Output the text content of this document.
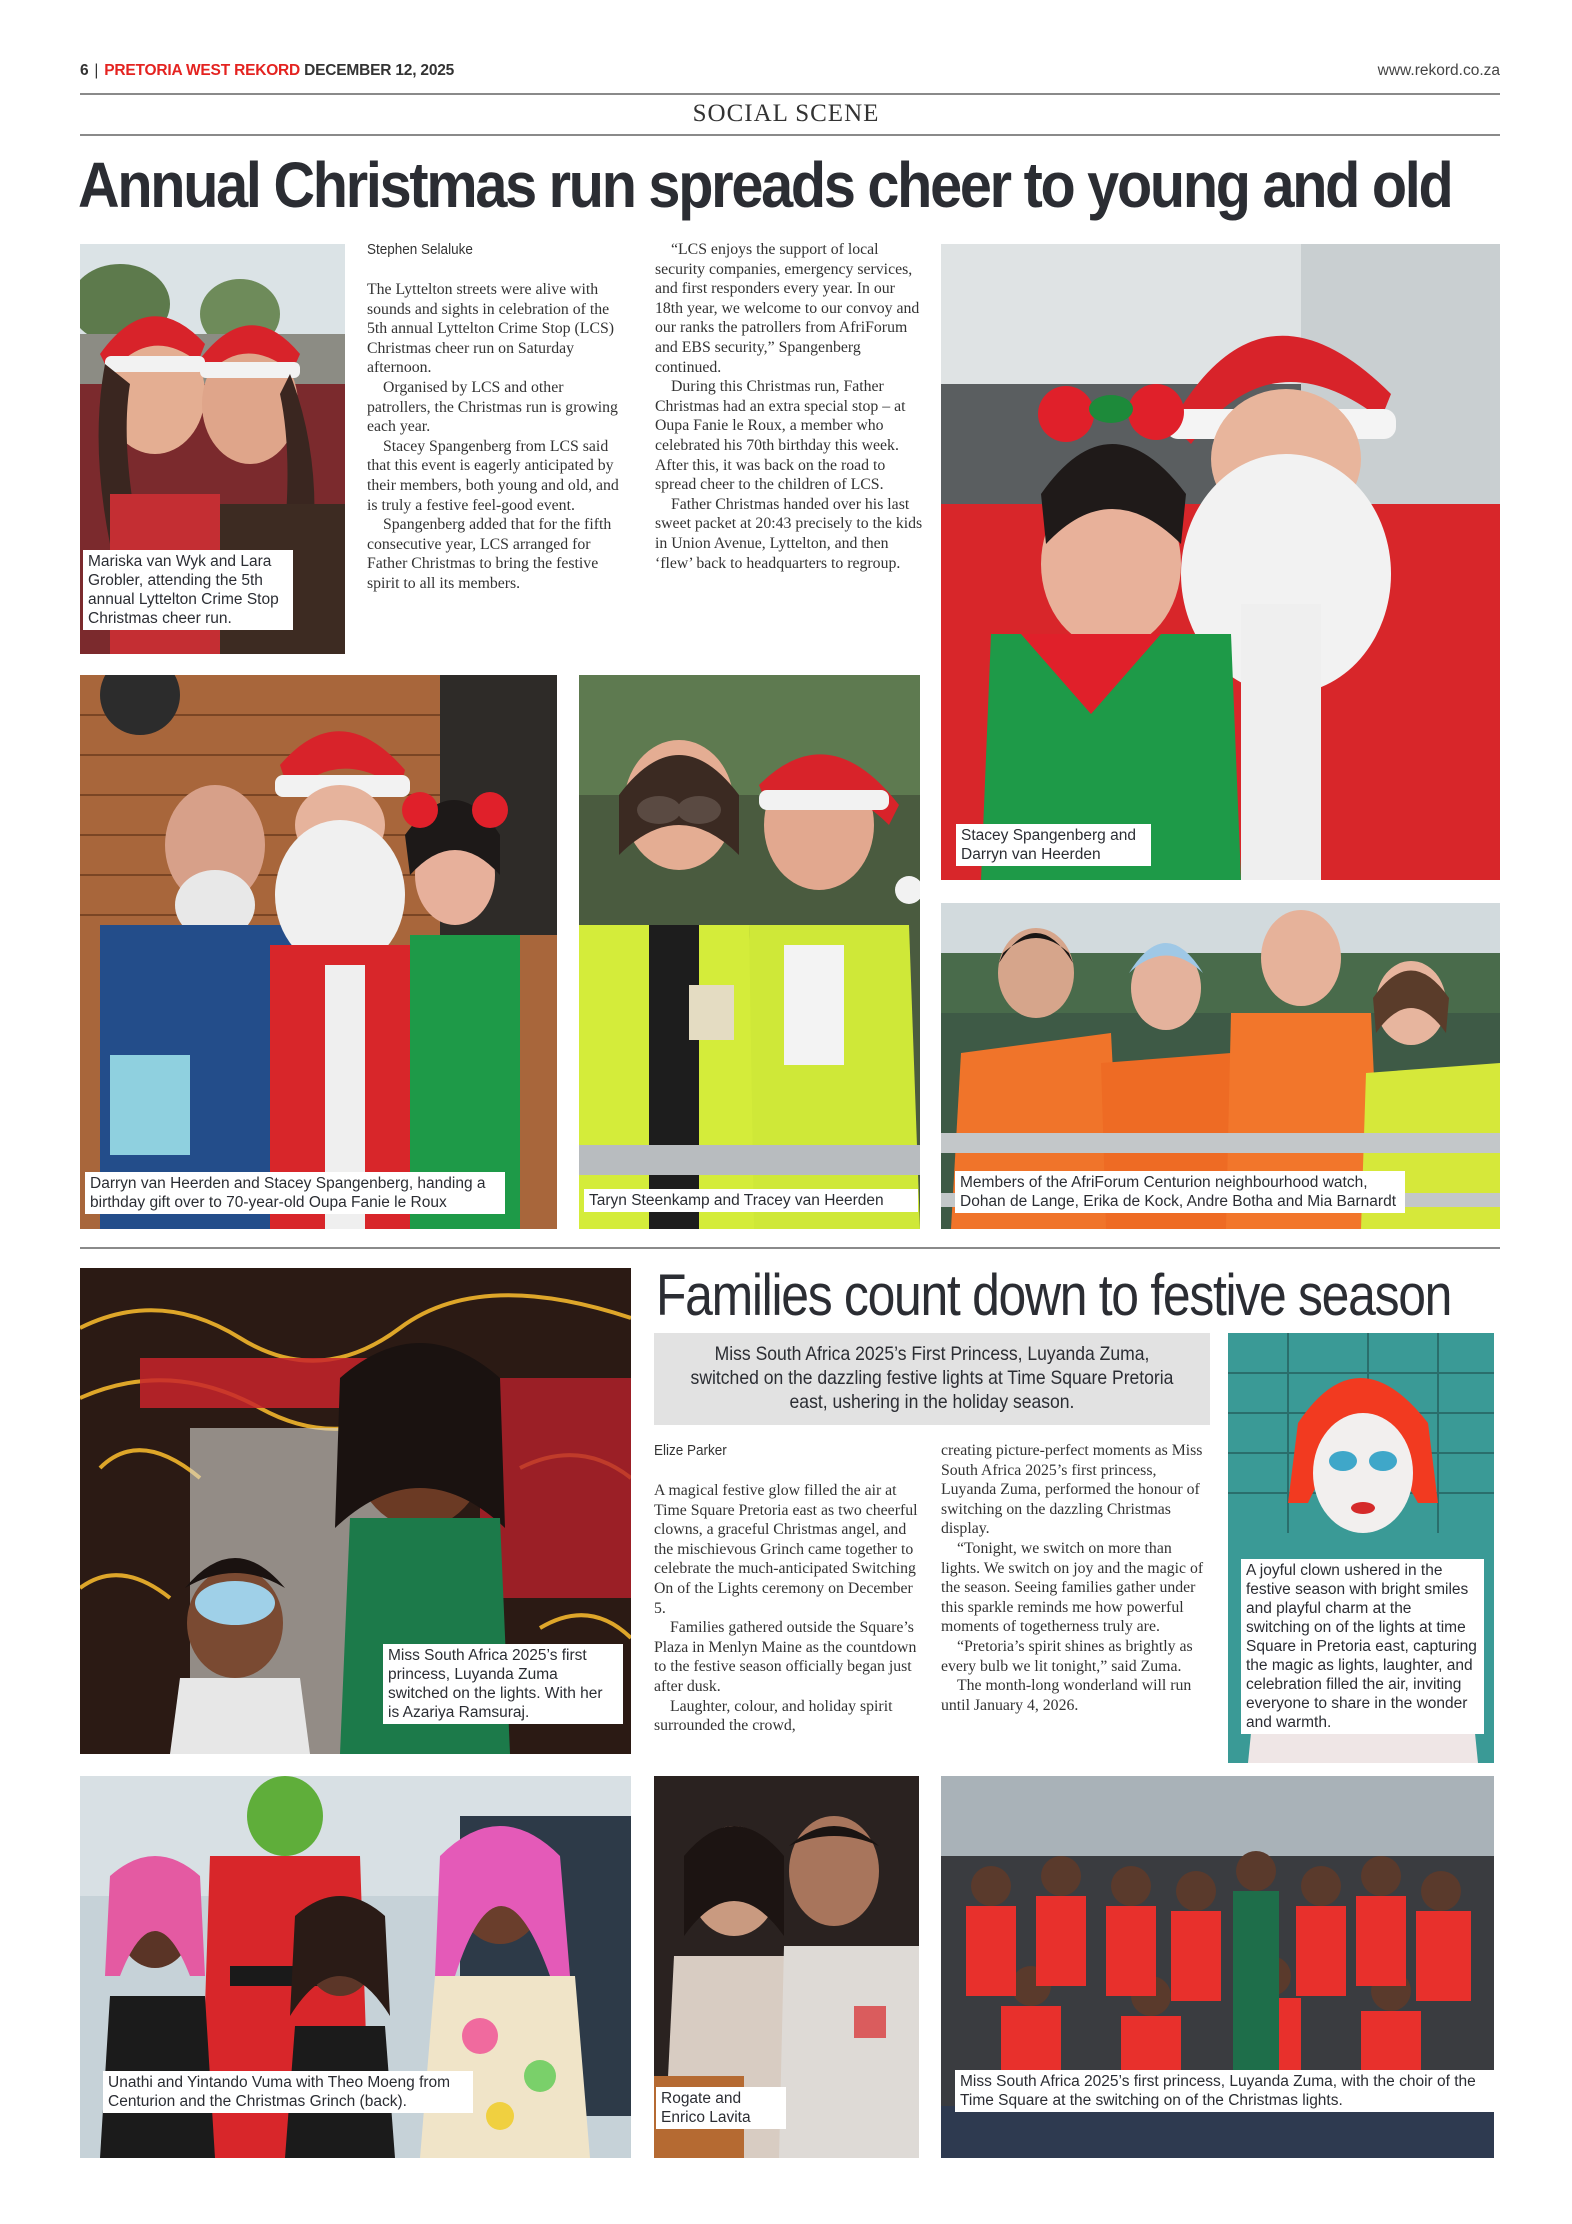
6 | PRETORIA WEST REKORD DECEMBER 12, 2025	www.rekord.co.za
SOCIAL SCENE
Annual Christmas run spreads cheer to young and old
Mariska van Wyk and Lara Grobler, attending the 5th annual Lyttelton Crime Stop Christmas cheer run.
Stephen Selaluke

The Lyttelton streets were alive with sounds and sights in celebration of the 5th annual Lyttelton Crime Stop (LCS) Christmas cheer run on Saturday afternoon.

Organised by LCS and other patrollers, the Christmas run is growing each year.

Stacey Spangenberg from LCS said that this event is eagerly anticipated by their members, both young and old, and is truly a festive feel-good event.

Spangenberg added that for the fifth consecutive year, LCS arranged for Father Christmas to bring the festive spirit to all its members.

“LCS enjoys the support of local security companies, emergency services, and first responders every year. In our 18th year, we welcome to our convoy and our ranks the patrollers from AfriForum and EBS security,” Spangenberg continued.

During this Christmas run, Father Christmas had an extra special stop – at Oupa Fanie le Roux, a member who celebrated his 70th birthday this week. After this, it was back on the road to spread cheer to the children of LCS.

Father Christmas handed over his last sweet packet at 20:43 precisely to the kids in Union Avenue, Lyttelton, and then ‘flew’ back to headquarters to regroup.

Stacey Spangenberg and Darryn van Heerden
Darryn van Heerden and Stacey Spangenberg, handing a birthday gift over to 70-year-old Oupa Fanie le Roux	Taryn Steenkamp and Tracey van Heerden
Members of the AfriForum Centurion neighbourhood watch, Dohan de Lange, Erika de Kock, Andre Botha and Mia Barnardt
Families count down to festive season
Miss South Africa 2025’s First Princess, Luyanda Zuma, switched on the dazzling festive lights at Time Square Pretoria east, ushering in the holiday season.
Miss South Africa 2025’s first princess, Luyanda Zuma switched on the lights. With her is Azariya Ramsuraj.
Elize Parker

A magical festive glow filled the air at Time Square Pretoria east as two cheerful clowns, a graceful Christmas angel, and the mischievous Grinch came together to celebrate the much-anticipated Switching On of the Lights ceremony on December 5.

Families gathered outside the Square’s Plaza in Menlyn Maine as the countdown to the festive season officially began just after dusk.

Laughter, colour, and holiday spirit surrounded the crowd,

creating picture-perfect moments as Miss South Africa 2025’s first princess, Luyanda Zuma, performed the honour of switching on the dazzling Christmas display.

“Tonight, we switch on more than lights. We switch on joy and the magic of the season. Seeing families gather under this sparkle reminds me how powerful moments of togetherness truly are.

“Pretoria’s spirit shines as brightly as every bulb we lit tonight,” said Zuma.

The month-long wonderland will run until January 4, 2026.

A joyful clown ushered in the festive season with bright smiles and playful charm at the switching on of the lights at time Square in Pretoria east, capturing the magic as lights, laughter, and celebration filled the air, inviting everyone to share in the wonder and warmth.
Unathi and Yintando Vuma with Theo Moeng from Centurion and the Christmas Grinch (back).	Rogate and Enrico Lavita
Miss South Africa 2025’s first princess, Luyanda Zuma, with the choir of the Time Square at the switching on of the Christmas lights.
